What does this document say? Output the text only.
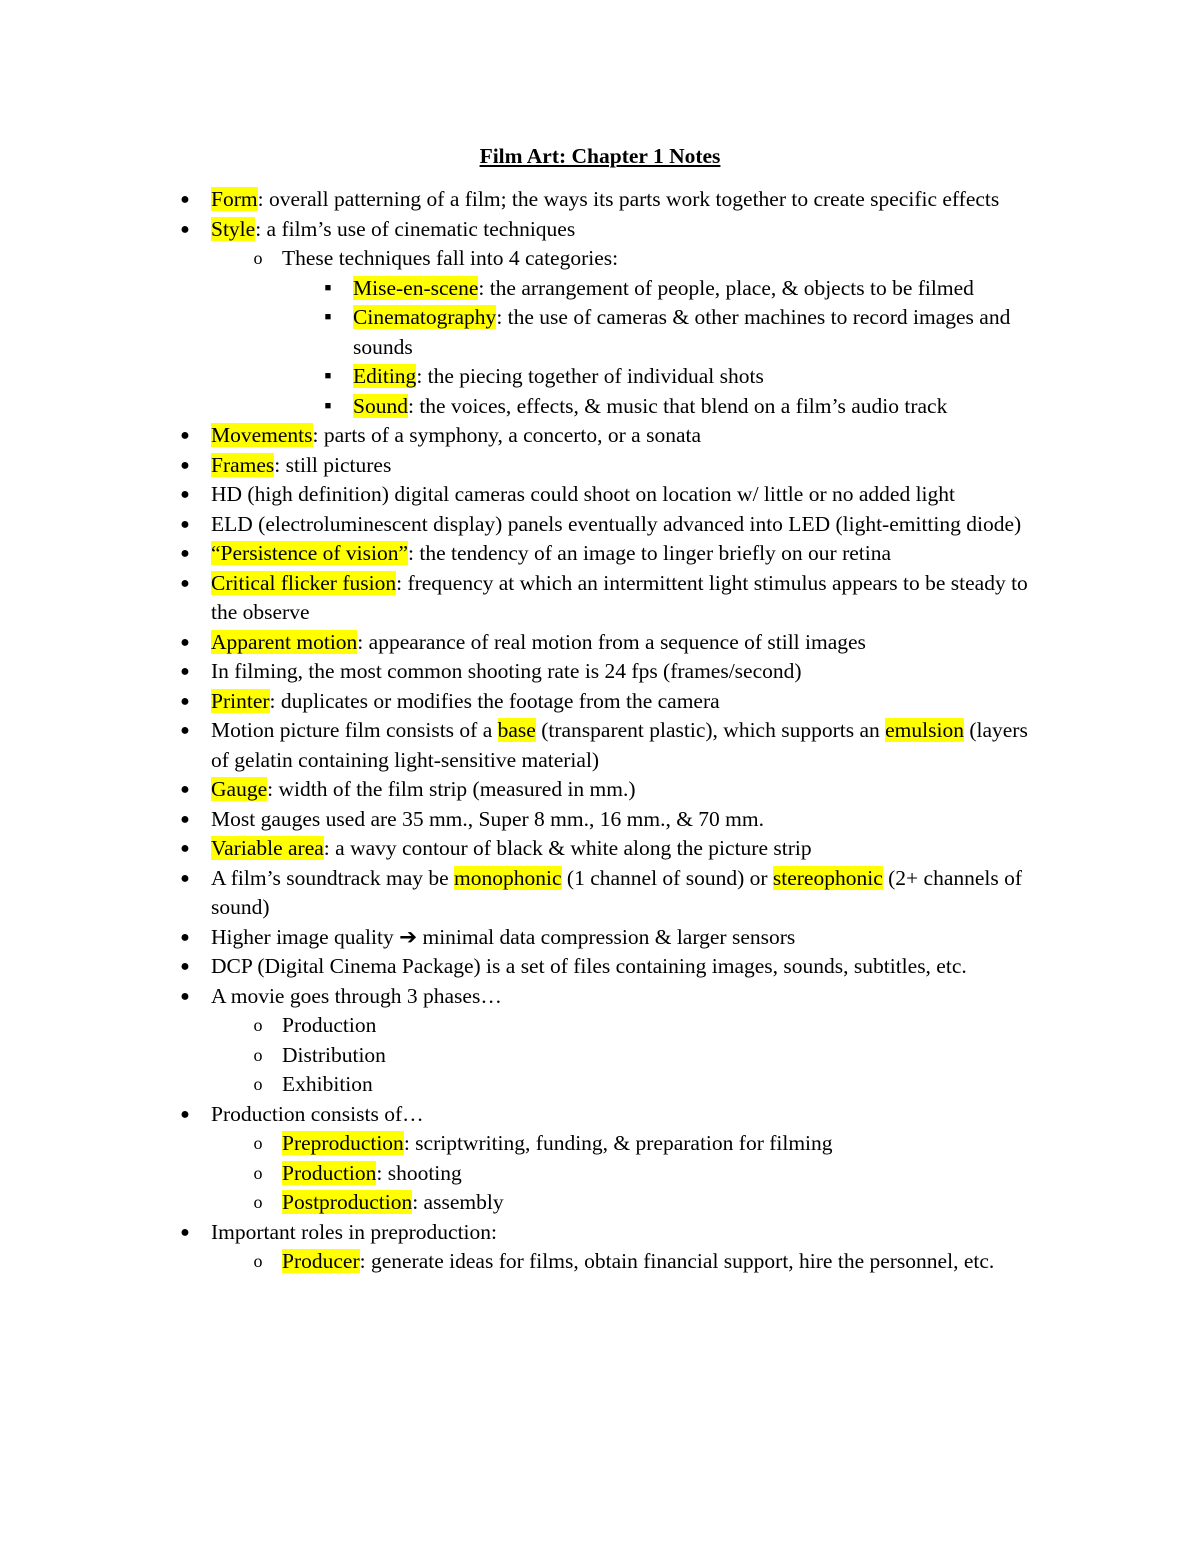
Film Art: Chapter 1 Notes
● Form: overall patterning of a film; the ways its parts work together to create specific effects
● Style: a film’s use of cinematic techniques
o These techniques fall into 4 categories:
■	Mise-en-scene: the arrangement of people, place, & objects to be filmed
■	Cinematography: the use of cameras & other machines to record images and sounds
■	Editing: the piecing together of individual shots
■	Sound: the voices, effects, & music that blend on a film’s audio track
● Movements: parts of a symphony, a concerto, or a sonata
● Frames: still pictures
● HD (high definition) digital cameras could shoot on location w/ little or no added light
● ELD (electroluminescent display) panels eventually advanced into LED (light-emitting diode)
● “Persistence of vision”: the tendency of an image to linger briefly on our retina
● Critical flicker fusion: frequency at which an intermittent light stimulus appears to be steady to the observe
● Apparent motion: appearance of real motion from a sequence of still images
● In filming, the most common shooting rate is 24 fps (frames/second)
● Printer: duplicates or modifies the footage from the camera
● Motion picture film consists of a base (transparent plastic), which supports an emulsion (layers of gelatin containing light-sensitive material)
● Gauge: width of the film strip (measured in mm.)
● Most gauges used are 35 mm., Super 8 mm., 16 mm., & 70 mm.
● Variable area: a wavy contour of black & white along the picture strip
● A film’s soundtrack may be monophonic (1 channel of sound) or stereophonic (2+ channels of sound)
● Higher image quality ➔ minimal data compression & larger sensors
● DCP (Digital Cinema Package) is a set of files containing images, sounds, subtitles, etc.
● A movie goes through 3 phases…
o Production
o Distribution
o Exhibition
● Production consists of…
o Preproduction: scriptwriting, funding, & preparation for filming
o Production: shooting
o Postproduction: assembly
● Important roles in preproduction:
o Producer: generate ideas for films, obtain financial support, hire the personnel, etc.
